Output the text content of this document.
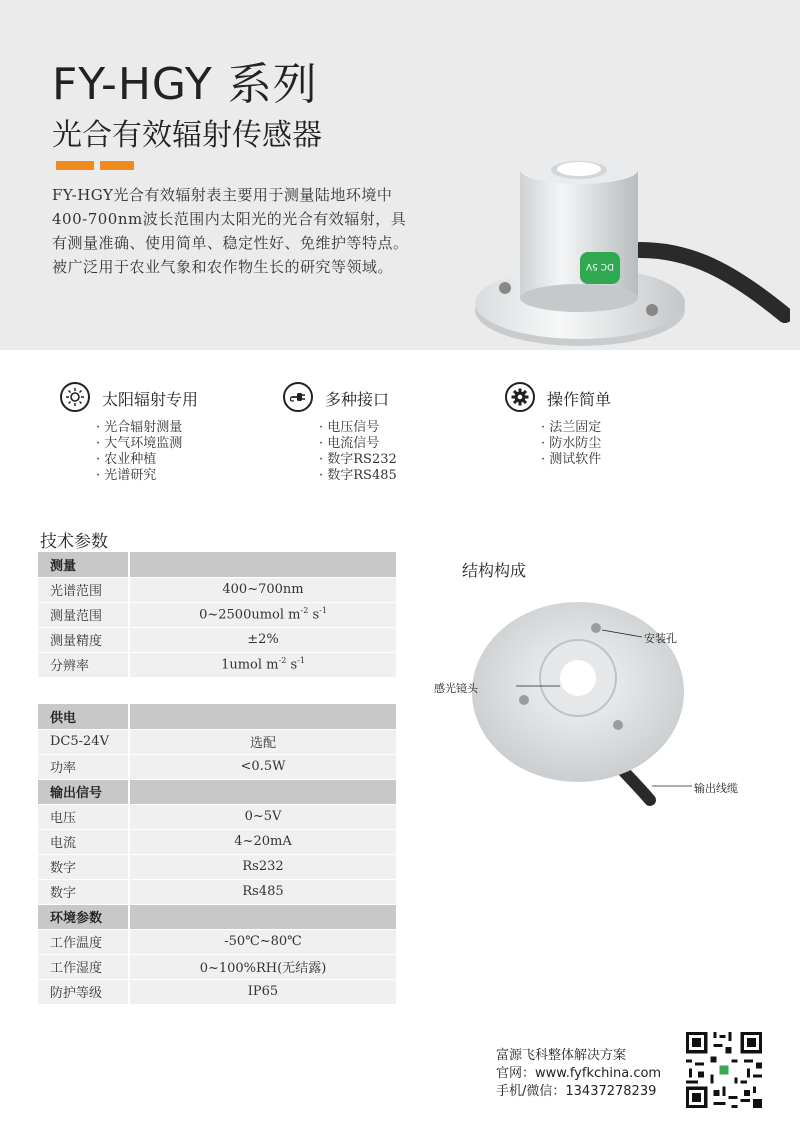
FY-HGY 系列
光合有效辐射传感器
FY-HGY光合有效辐射表主要用于测量陆地环境中400-700nm波长范围内太阳光的光合有效辐射，具有测量准确、使用简单、稳定性好、免维护等特点。被广泛用于农业气象和农作物生长的研究等领域。	DC 5V
太阳辐射专用
· 光合辐射测量
· 大气环境监测
· 农业种植
· 光谱研究
多种接口
· 电压信号
· 电流信号
· 数字RS232
· 数字RS485
操作简单
· 法兰固定
· 防水防尘
· 测试软件
技术参数
测量	
光谱范围	400~700nm
测量范围	0~2500umol $m^{-2}$ $s^{-1}$
测量精度	±2%
分辨率	1umol $m^{-2}$ $s^{-1}$
供电	
DC5-24V	选配
功率	<0.5W
输出信号	
电压	0~5V
电流	4~20mA
数字	Rs232
数字	Rs485
环境参数	
工作温度	-50℃~80℃
工作湿度	0~100%RH(无结露)
防护等级	IP65
结构构成
安装孔
感光镜头
输出线缆
富源飞科整体解决方案
官网：www.fyfkchina.com
手机/微信：13437278239
